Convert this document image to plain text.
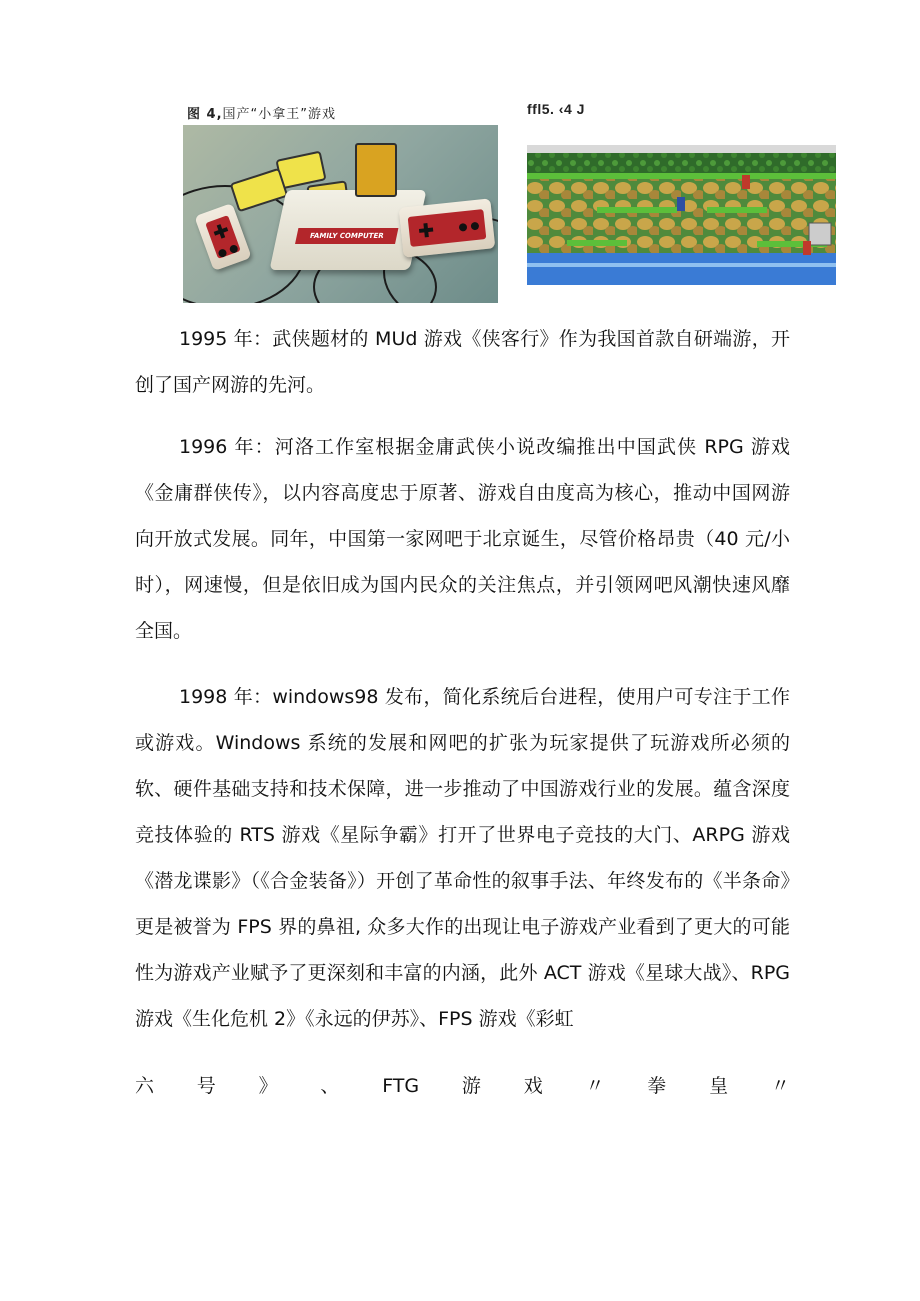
图 4,国产“小拿王”游戏	ffl5. ‹4 J
FAMILY COMPUTER

1995 年：武侠题材的 MUd 游戏《侠客行》作为我国首款自研端游，开创了国产网游的先河。

1996 年：河洛工作室根据金庸武侠小说改编推出中国武侠 RPG 游戏《金庸群侠传》，以内容高度忠于原著、游戏自由度高为核心，推动中国网游向开放式发展。同年，中国第一家网吧于北京诞生，尽管价格昂贵（40 元/小时），网速慢，但是依旧成为国内民众的关注焦点，并引领网吧风潮快速风靡全国。

1998 年：windows98 发布，简化系统后台进程，使用户可专注于工作或游戏。Windows 系统的发展和网吧的扩张为玩家提供了玩游戏所必须的软、硬件基础支持和技术保障，进一步推动了中国游戏行业的发展。蕴含深度竞技体验的 RTS 游戏《星际争霸》打开了世界电子竞技的大门、ARPG 游戏《潜龙谍影》（《合金装备》）开创了革命性的叙事手法、年终发布的《半条命》更是被誉为 FPS 界的鼻祖, 众多大作的出现让电子游戏产业看到了更大的可能性为游戏产业赋予了更深刻和丰富的内涵，此外 ACT 游戏《星球大战》、RPG 游戏《生化危机 2》《永远的伊苏》、FPS 游戏《彩虹

六 号 》 、 FTG 游 戏 〃 拳 皇 〃
